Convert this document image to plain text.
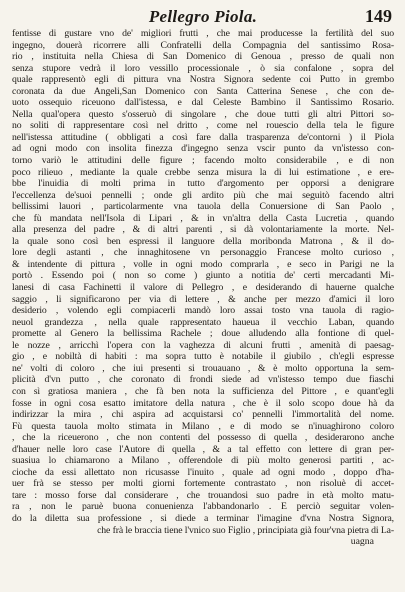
Pellegro Piola.	149
fentisse di gustare vno de' migliori frutti , che mai producesse la fertilità del suo
ingegno, douerà ricorrere alli Confratelli della Compagnia del santissimo Rosa-
rio , instituita nella Chiesa di San Domenico di Genoua , presso de quali non
senza stupore vedrà il loro vessillo processionale , ò sia confalone , sopra del
quale rappresentò egli di pittura vna Nostra Signora sedente coi Putto in grembo
coronata da due Angeli,San Domenico con Santa Catterina Senese , che con de-
uoto ossequio riceuono dall'istessa, e dal Celeste Bambino il Santissimo Rosario.
Nella qual'opera questo s'osseruò di singolare , che doue tutti gli altri Pittori so-
no soliti di rappresentare così nel dritto , come nel rouescio della tela le figure
nell'istessa attitudine ( obbligati a così fare dalla trasparenza de'contorni ) il Piola
ad ogni modo con insolita finezza d'ingegno senza vscir punto da vn'istesso con-
torno variò le attitudini delle figure ; facendo molto considerabile , e di non
poco rilieuo , mediante la quale crebbe senza misura la di lui estimatione , e ere-
bbe l'inuidia di molti prima in tutto d'argomento per opporsi a denigrare
l'eccellenza de'suoi pennelli ; onde gli ardito più che mai seguitò facendo altri
bellissimi lauori , particolarmente vna tauola della Conuersione di San Paolo ,
che fù mandata nell'Isola di Lipari , & in vn'altra della Casta Lucretia , quando
alla presenza del padre , & di altri parenti , si dà volontariamente la morte. Nel-
la quale sono così ben espressi il languore della moribonda Matrona , & il do-
lore degli astanti , che innaghitosene vn personaggio Francese molto curioso ,
& intendente di pittura , volle in ogni modo comprarla , e seco in Parigi ne la
portò . Essendo poi ( non so come ) giunto a notitia de' certi mercadanti Mi-
lanesi di casa Fachinetti il valore di Pellegro , e desiderando di hauerne qualche
saggio , li significarono per via di lettere , & anche per mezzo d'amici il loro
desiderio , volendo egli compiacerli mandò loro assai tosto vna tauola di ragio-
neuol grandezza , nella quale rappresentato haueua il vecchio Laban, quando
promette al Genero la bellissima Rachele ; doue alludendo alla fontione di quel-
le nozze , arricchì l'opera con la vaghezza di alcuni frutti , amenità di paesag-
gio , e nobiltà di habiti : ma sopra tutto è notabile il giubilo , ch'egli espresse
ne' volti di coloro , che iui presenti si trouauano , & è molto opportuna la sem-
plicità d'vn putto , che coronato di frondi siede ad vn'istesso tempo due fiaschi
con sì gratiosa maniera , che fà ben nota la sufficienza del Pittore , e quant'egli
fosse in ogni cosa esatto imitatore della natura , che è il solo scopo doue hà da
indirizzar la mira , chi aspira ad acquistarsi co' pennelli l'immortalità del nome.
Fù questa tauola molto stimata in Milano , e di modo se n'inuaghirono coloro
, che la riceuerono , che non contenti del possesso di quella , desiderarono anche
d'hauer nelle loro case l'Autore di quella , & a tal effetto con lettere di gran per-
suasiua lo chiamarono a Milano , offerendole di più molto generosi partiti , ac-
cioche da essi allettato non ricusasse l'inuito , quale ad ogni modo , doppo d'ha-
uer frà se stesso per molti giorni fortemente contrastato , non risoluè di accet-
tare : mosso forse dal considerare , che trouandosi suo padre in età molto matu-
ra , non le paruè buona conuenienza l'abbandonarlo . E perciò seguitar volen-
do la diletta sua professione , si diede a terminar l'imagine d'vna Nostra Signora,
che frà le braccia tiene l'vnico suo Figlio , principiata già four'vna pietra di La-
uagna
